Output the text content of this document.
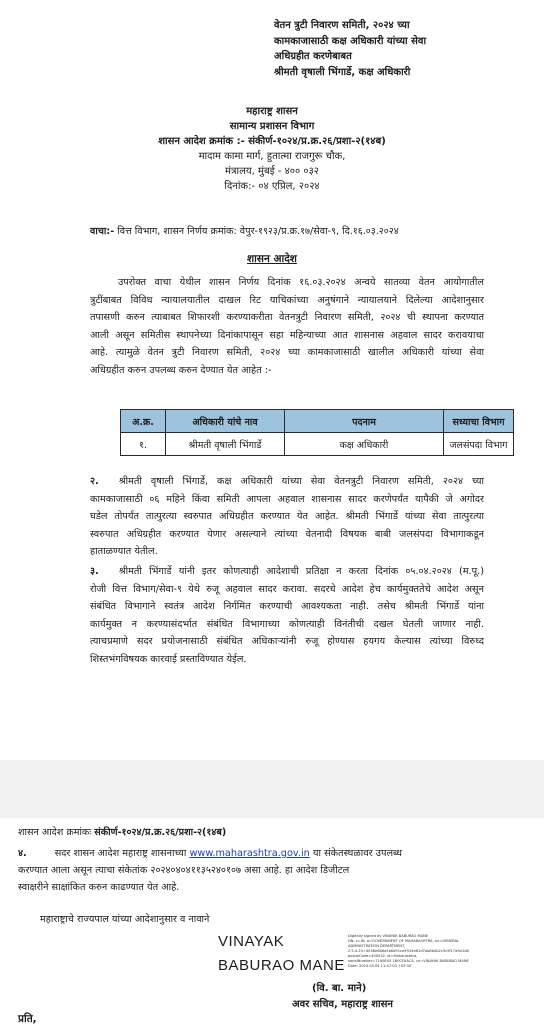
वेतन त्रुटी निवारण समिती, २०२४ च्या
कामकाजासाठी कक्ष अधिकारी यांच्या सेवा
अधिग्रहीत करणेबाबत
श्रीमती वृषाली भिंगार्डे, कक्ष अधिकारी
महाराष्ट्र शासन
सामान्य प्रशासन विभाग
शासन आदेश क्रमांक :- संकीर्ण-१०२४/प्र.क्र.२६/प्रशा-२(१४ब)
मादाम कामा मार्ग, हुतात्मा राजगुरू चौक,
मंत्रालय, मुंबई - ४०० ०३२
दिनांक:- ०४ एप्रिल, २०२४
वाचा:- वित्त विभाग, शासन निर्णय क्रमांक: वेपुर-१९२३/प्र.क्र.१७/सेवा-९, दि.१६.०३.२०२४
शासन आदेश
उपरोक्त वाचा येथील शासन निर्णय दिनांक १६.०३.२०२४ अन्वये सातव्या वेतन आयोगातील
त्रुटींबाबत विविध न्यायालयातील दाखल रिट याचिकांच्या अनुषंगाने न्यायालयाने दिलेल्या आदेशानुसार
तपासणी करुन त्याबाबत शिफारशी करण्याकरीता वेतनत्रुटी निवारण समिती, २०२४ ची स्थापना करण्यात
आली असून समितीस स्थापनेच्या दिनांकापासून सहा महिन्याच्या आत शासनास अहवाल सादर करावयाचा
आहे. त्यामुळे वेतन त्रुटी निवारण समिती, २०२४ च्या कामकाजासाठी खालील अधिकारी यांच्या सेवा
अधिग्रहीत करुन उपलब्ध करुन देण्यात येत आहेत :-
अ.क्र.	अधिकारी यांचे नाव	पदनाम	सध्याचा विभाग
१.	श्रीमती वृषाली भिंगार्डे	कक्ष अधिकारी	जलसंपदा विभाग
२. श्रीमती वृषाली भिंगार्डे, कक्ष अधिकारी यांच्या सेवा वेतनत्रुटी निवारण समिती, २०२४ च्या
कामकाजासाठी ०६ महिने किंवा समिती आपला अहवाल शासनास सादर करणेपर्यंत यापैकी जे अगोदर
घडेल तोपर्यंत तात्पुरत्या स्वरुपात अधिग्रहीत करण्यात येत आहेत. श्रीमती भिंगार्डे यांच्या सेवा तात्पुरत्या
स्वरुपात अधिग्रहीत करण्यात येणार असल्याने त्यांच्या वेतनादी विषयक बाबी जलसंपदा विभागाकडून
हाताळण्यात येतील.
३. श्रीमती भिंगार्डे यांनी इतर कोणत्याही आदेशाची प्रतिक्षा न करता दिनांक ०५.०४.२०२४ (म.पू.)
रोजी वित्त विभाग/सेवा-९ येथे रुजू अहवाल सादर करावा. सदरचे आदेश हेच कार्यमुक्ततेचे आदेश असून
संबंधित विभागाने स्वतंत्र आदेश निर्गमित करण्याची आवश्यकता नाही. तसेच श्रीमती भिंगार्डे यांना
कार्यमुक्त न करण्यासंदर्भात संबंधित विभागाच्या कोणत्याही विनंतीची दखल घेतली जाणार नाही.
त्याचप्रमाणे सदर प्रयोजनासाठी संबंधित अधिकाऱ्यांनी रुजू होण्यास हयगय केल्यास त्यांच्या विरुध्द
शिस्तभंगविषयक कारवाई प्रस्ताविण्यात येईल.
शासन आदेश क्रमांकः संकीर्ण-१०२४/प्र.क्र.२६/प्रशा-२(१४ब)
४.	सदर शासन आदेश महाराष्ट्र शासनाच्या www.maharashtra.gov.in या संकेतस्थळावर उपलब्ध
करण्यात आला असून त्याचा संकेतांक २०२४०४०४११३५२४०१०७ असा आहे. हा आदेश डिजीटल
स्वाक्षरीने साक्षांकित करुन काढण्यात येत आहे.
महाराष्ट्राचे राज्यपाल यांच्या आदेशानुसार व नावाने
VINAYAK
BABURAO MANE
Digitally signed by VINAYAK BABURAO MANE
DN: c=IN, o=GOVERNMENT OF MAHARASHTRA, ou=GENERAL
ADMINISTRATION DEPARTMENT,
2.5.4.20=4058e6b6a5b6d91ce5f1f4e61d7ab8b0b2c3c9f17a9d1d8
postalCode=400032, st=Maharashtra,
serialNumber=71A9E45 1B0CFAACA, cn=VINAYAK BABURAO MANE
Date: 2024.04.04 11:47:03 +05'30'
(वि. बा. माने)
अवर सचिव, महाराष्ट्र शासन
प्रति,
